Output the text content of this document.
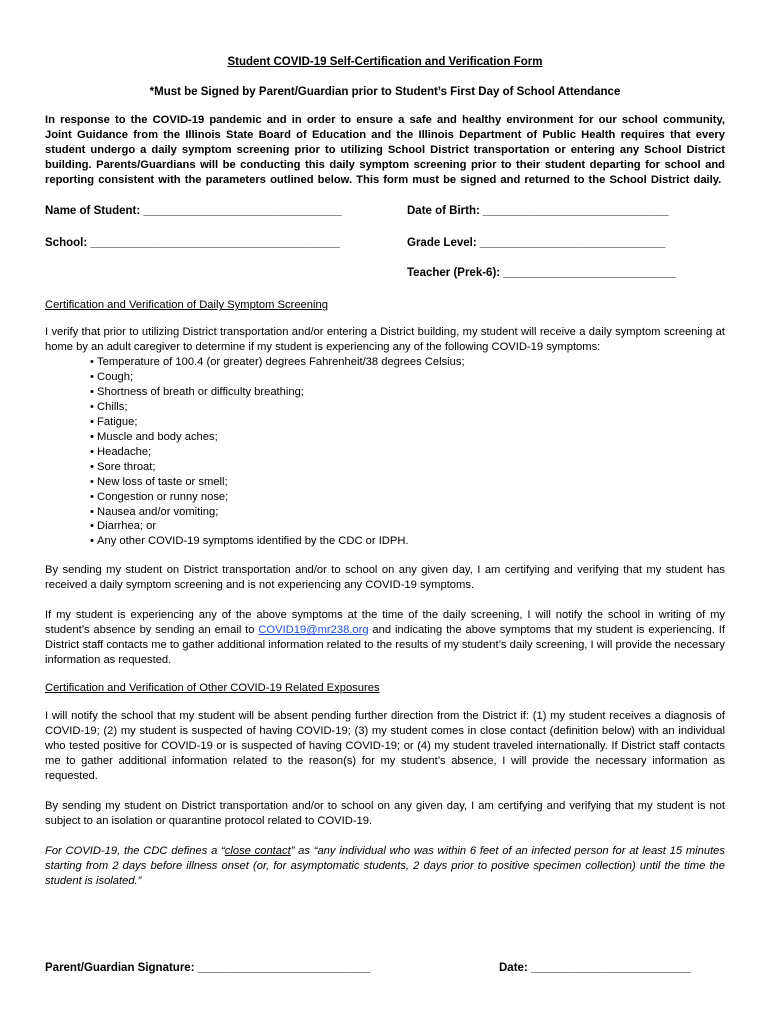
Student COVID-19 Self-Certification and Verification Form

*Must be Signed by Parent/Guardian prior to Student’s First Day of School Attendance

In response to the COVID-19 pandemic and in order to ensure a safe and healthy environment for our school community, Joint Guidance from the Illinois State Board of Education and the Illinois Department of Public Health requires that every student undergo a daily symptom screening prior to utilizing School District transportation or entering any School District building. Parents/Guardians will be conducting this daily symptom screening prior to their student departing for school and reporting consistent with the parameters outlined below. This form must be signed and returned to the School District daily.

Name of Student: _______________________________	Date of Birth: _____________________________
School: _______________________________________	Grade Level: _____________________________
Teacher (Prek-6): ___________________________

Certification and Verification of Daily Symptom Screening

I verify that prior to utilizing District transportation and/or entering a District building, my student will receive a daily symptom screening at home by an adult caregiver to determine if my student is experiencing any of the following COVID-19 symptoms:

• Temperature of 100.4 (or greater) degrees Fahrenheit/38 degrees Celsius;
• Cough;
• Shortness of breath or difficulty breathing;
• Chills;
• Fatigue;
• Muscle and body aches;
• Headache;
• Sore throat;
• New loss of taste or smell;
• Congestion or runny nose;
• Nausea and/or vomiting;
• Diarrhea; or
• Any other COVID-19 symptoms identified by the CDC or IDPH.

By sending my student on District transportation and/or to school on any given day, I am certifying and verifying that my student has received a daily symptom screening and is not experiencing any COVID-19 symptoms.

If my student is experiencing any of the above symptoms at the time of the daily screening, I will notify the school in writing of my student’s absence by sending an email to COVID19@mr238.org and indicating the above symptoms that my student is experiencing. If District staff contacts me to gather additional information related to the results of my student’s daily screening, I will provide the necessary information as requested.

Certification and Verification of Other COVID-19 Related Exposures

I will notify the school that my student will be absent pending further direction from the District if: (1) my student receives a diagnosis of COVID-19; (2) my student is suspected of having COVID-19; (3) my student comes in close contact (definition below) with an individual who tested positive for COVID-19 or is suspected of having COVID-19; or (4) my student traveled internationally. If District staff contacts me to gather additional information related to the reason(s) for my student’s absence, I will provide the necessary information as requested.

By sending my student on District transportation and/or to school on any given day, I am certifying and verifying that my student is not subject to an isolation or quarantine protocol related to COVID-19.

For COVID-19, the CDC defines a “close contact” as “any individual who was within 6 feet of an infected person for at least 15 minutes starting from 2 days before illness onset (or, for asymptomatic students, 2 days prior to positive specimen collection) until the time the student is isolated.”

Parent/Guardian Signature: ___________________________	Date: _________________________
